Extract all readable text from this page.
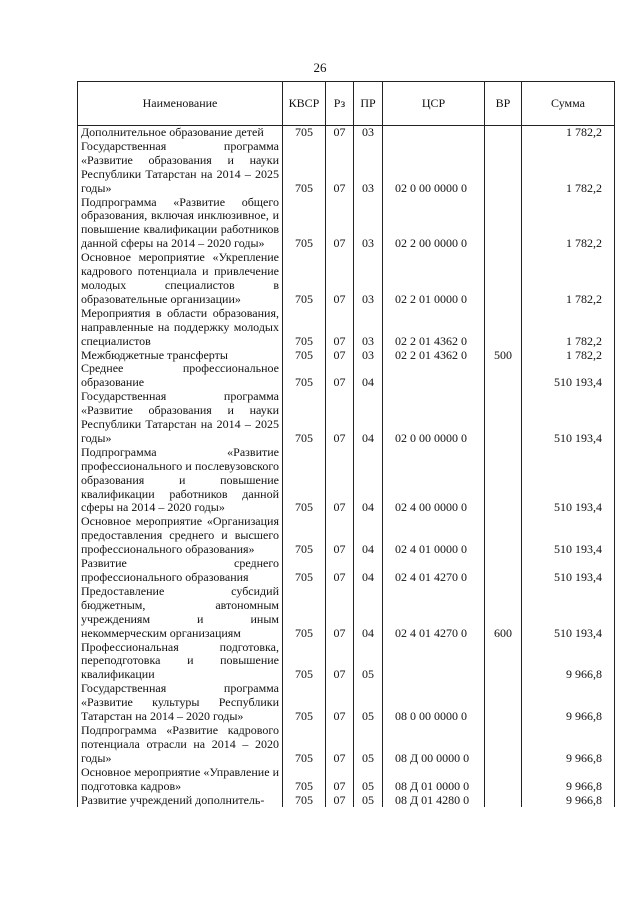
26
Наименование	КВСР	Рз	ПР	ЦСР	ВР	Сумма
Дополнительное образование детей	705	07	03			1 782,2
Государственная программа «Развитие образования и науки Республики Татарстан на 2014 – 2025 годы»	705	07	03	02 0 00 0000 0		1 782,2
Подпрограмма «Развитие общего образования, включая инклюзивное, и повышение квалификации работников данной сферы на 2014 – 2020 годы»	705	07	03	02 2 00 0000 0		1 782,2
Основное мероприятие «Укрепление кадрового потенциала и привлечение молодых специалистов в образовательные организации»	705	07	03	02 2 01 0000 0		1 782,2
Мероприятия в области образования, направленные на поддержку молодых специалистов	705	07	03	02 2 01 4362 0		1 782,2
Межбюджетные трансферты	705	07	03	02 2 01 4362 0	500	1 782,2
Среднее профессиональное образование	705	07	04			510 193,4
Государственная программа «Развитие образования и науки Республики Татарстан на 2014 – 2025 годы»	705	07	04	02 0 00 0000 0		510 193,4
Подпрограмма «Развитие профессионального и послевузовского образования и повышение квалификации работников данной сферы на 2014 – 2020 годы»	705	07	04	02 4 00 0000 0		510 193,4
Основное мероприятие «Организация предоставления среднего и высшего профессионального образования»	705	07	04	02 4 01 0000 0		510 193,4
Развитие среднего профессионального образования	705	07	04	02 4 01 4270 0		510 193,4
Предоставление субсидий бюджетным, автономным учреждениям и иным некоммерческим организациям	705	07	04	02 4 01 4270 0	600	510 193,4
Профессиональная подготовка, переподготовка и повышение квалификации	705	07	05			9 966,8
Государственная программа «Развитие культуры Республики Татарстан на 2014 – 2020 годы»	705	07	05	08 0 00 0000 0		9 966,8
Подпрограмма «Развитие кадрового потенциала отрасли на 2014 – 2020 годы»	705	07	05	08 Д 00 0000 0		9 966,8
Основное мероприятие «Управление и подготовка кадров»	705	07	05	08 Д 01 0000 0		9 966,8
Развитие учреждений дополнитель-	705	07	05	08 Д 01 4280 0		9 966,8
